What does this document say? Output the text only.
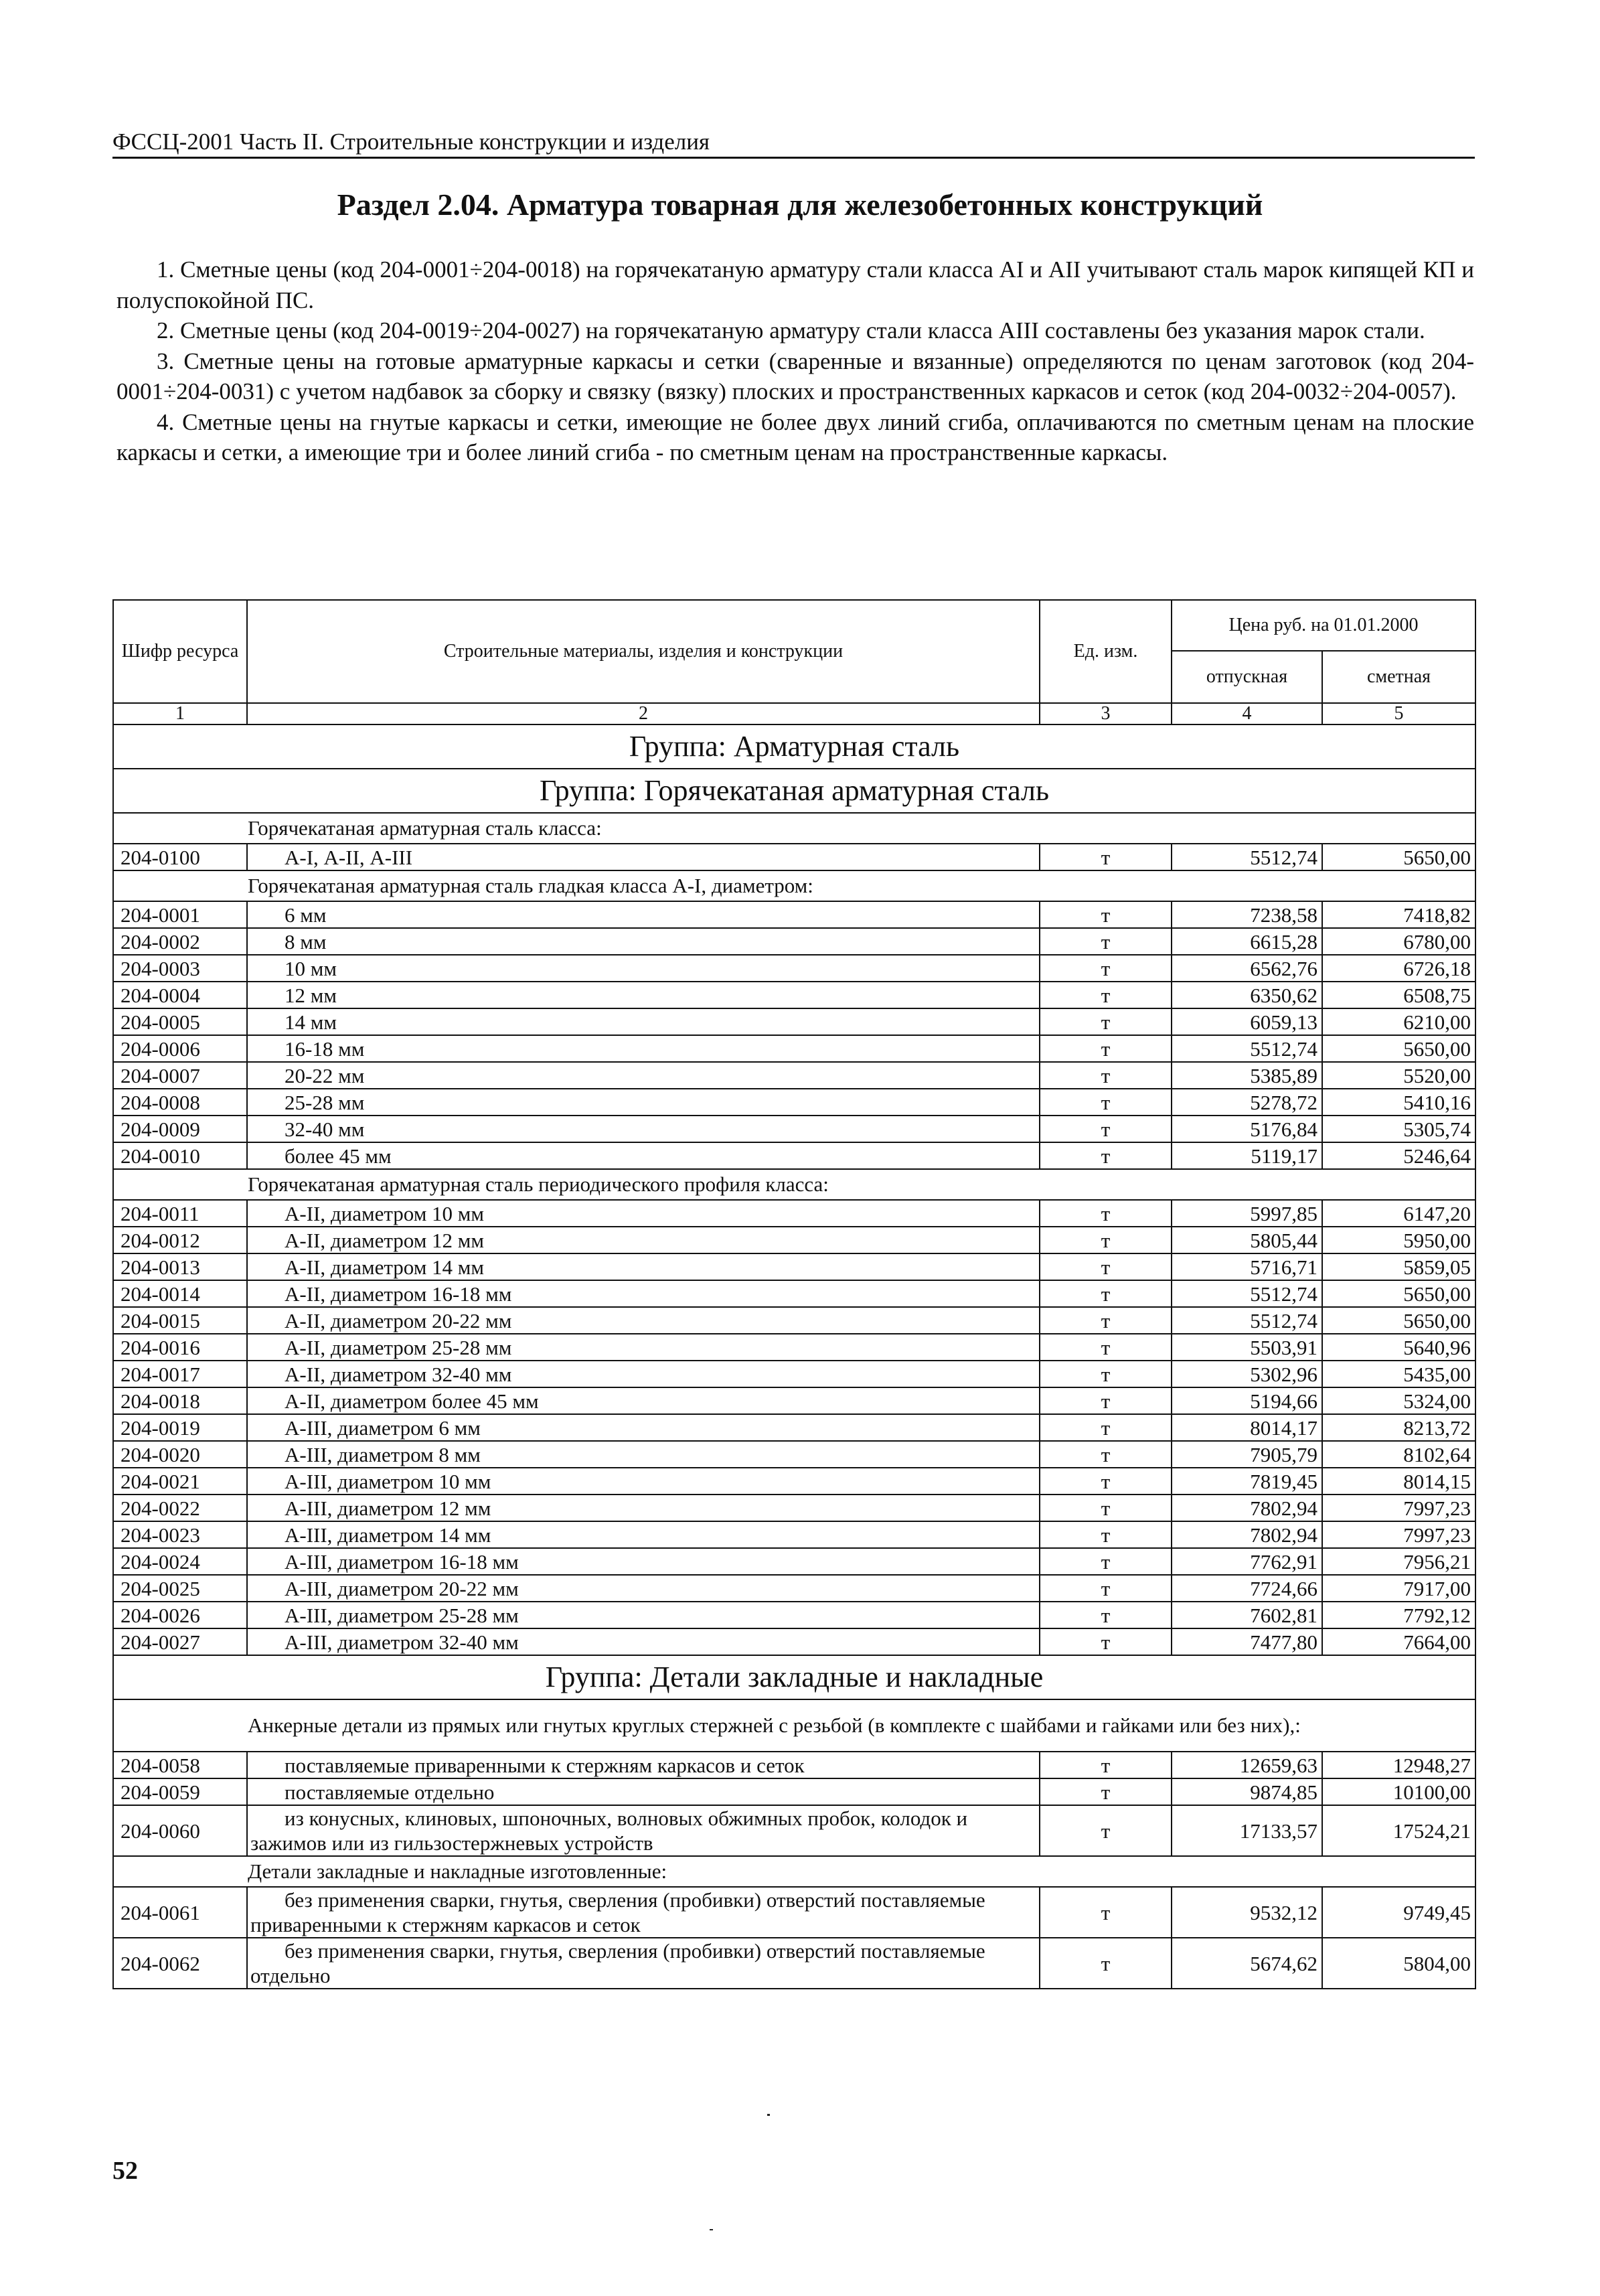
ФССЦ-2001 Часть II. Строительные конструкции и изделия
Раздел 2.04. Арматура товарная для железобетонных конструкций

1. Сметные цены (код 204-0001÷204-0018) на горячекатаную арматуру стали класса АI и АII учитывают сталь марок кипящей КП и полуспокойной ПС.

2. Сметные цены (код 204-0019÷204-0027) на горячекатаную арматуру стали класса АIII составлены без указания марок стали.

3. Сметные цены на готовые арматурные каркасы и сетки (сваренные и вязанные) определяются по ценам заготовок (код 204-0001÷204-0031) с учетом надбавок за сборку и связку (вязку) плоских и пространственных каркасов и сеток (код 204-0032÷204-0057).

4. Сметные цены на гнутые каркасы и сетки, имеющие не более двух линий сгиба, оплачиваются по сметным ценам на плоские каркасы и сетки, а имеющие три и более линий сгиба - по сметным ценам на пространственные каркасы.

Шифр ресурса	Строительные материалы, изделия и конструкции	Ед. изм.	Цена руб. на 01.01.2000	
			отпускная	сметная
1	2	3	4	5
Группа: Арматурная сталь				
Группа: Горячекатаная арматурная сталь				
Горячекатаная арматурная сталь класса:				
204-0100	А-I, А-II, А-III	т	5512,74	5650,00
Горячекатаная арматурная сталь гладкая класса А-I, диаметром:				
204-0001	6 мм	т	7238,58	7418,82
204-0002	8 мм	т	6615,28	6780,00
204-0003	10 мм	т	6562,76	6726,18
204-0004	12 мм	т	6350,62	6508,75
204-0005	14 мм	т	6059,13	6210,00
204-0006	16-18 мм	т	5512,74	5650,00
204-0007	20-22 мм	т	5385,89	5520,00
204-0008	25-28 мм	т	5278,72	5410,16
204-0009	32-40 мм	т	5176,84	5305,74
204-0010	более 45 мм	т	5119,17	5246,64
Горячекатаная арматурная сталь периодического профиля класса:				
204-0011	А-II, диаметром 10 мм	т	5997,85	6147,20
204-0012	А-II, диаметром 12 мм	т	5805,44	5950,00
204-0013	А-II, диаметром 14 мм	т	5716,71	5859,05
204-0014	А-II, диаметром 16-18 мм	т	5512,74	5650,00
204-0015	А-II, диаметром 20-22 мм	т	5512,74	5650,00
204-0016	А-II, диаметром 25-28 мм	т	5503,91	5640,96
204-0017	А-II, диаметром 32-40 мм	т	5302,96	5435,00
204-0018	А-II, диаметром более 45 мм	т	5194,66	5324,00
204-0019	А-III, диаметром 6 мм	т	8014,17	8213,72
204-0020	А-III, диаметром 8 мм	т	7905,79	8102,64
204-0021	А-III, диаметром 10 мм	т	7819,45	8014,15
204-0022	А-III, диаметром 12 мм	т	7802,94	7997,23
204-0023	А-III, диаметром 14 мм	т	7802,94	7997,23
204-0024	А-III, диаметром 16-18 мм	т	7762,91	7956,21
204-0025	А-III, диаметром 20-22 мм	т	7724,66	7917,00
204-0026	А-III, диаметром 25-28 мм	т	7602,81	7792,12
204-0027	А-III, диаметром 32-40 мм	т	7477,80	7664,00
Группа: Детали закладные и накладные				
Анкерные детали из прямых или гнутых круглых стержней с резьбой (в комплекте с шайбами и гайками или без них),:				
204-0058	поставляемые приваренными к стержням каркасов и сеток	т	12659,63	12948,27
204-0059	поставляемые отдельно	т	9874,85	10100,00
204-0060	из конусных, клиновых, шпоночных, волновых обжимных пробок, колодок и зажимов или из гильзостержневых устройств	т	17133,57	17524,21
Детали закладные и накладные изготовленные:				
204-0061	без применения сварки, гнутья, сверления (пробивки) отверстий поставляемые приваренными к стержням каркасов и сеток	т	9532,12	9749,45
204-0062	без применения сварки, гнутья, сверления (пробивки) отверстий поставляемые отдельно	т	5674,62	5804,00
52
